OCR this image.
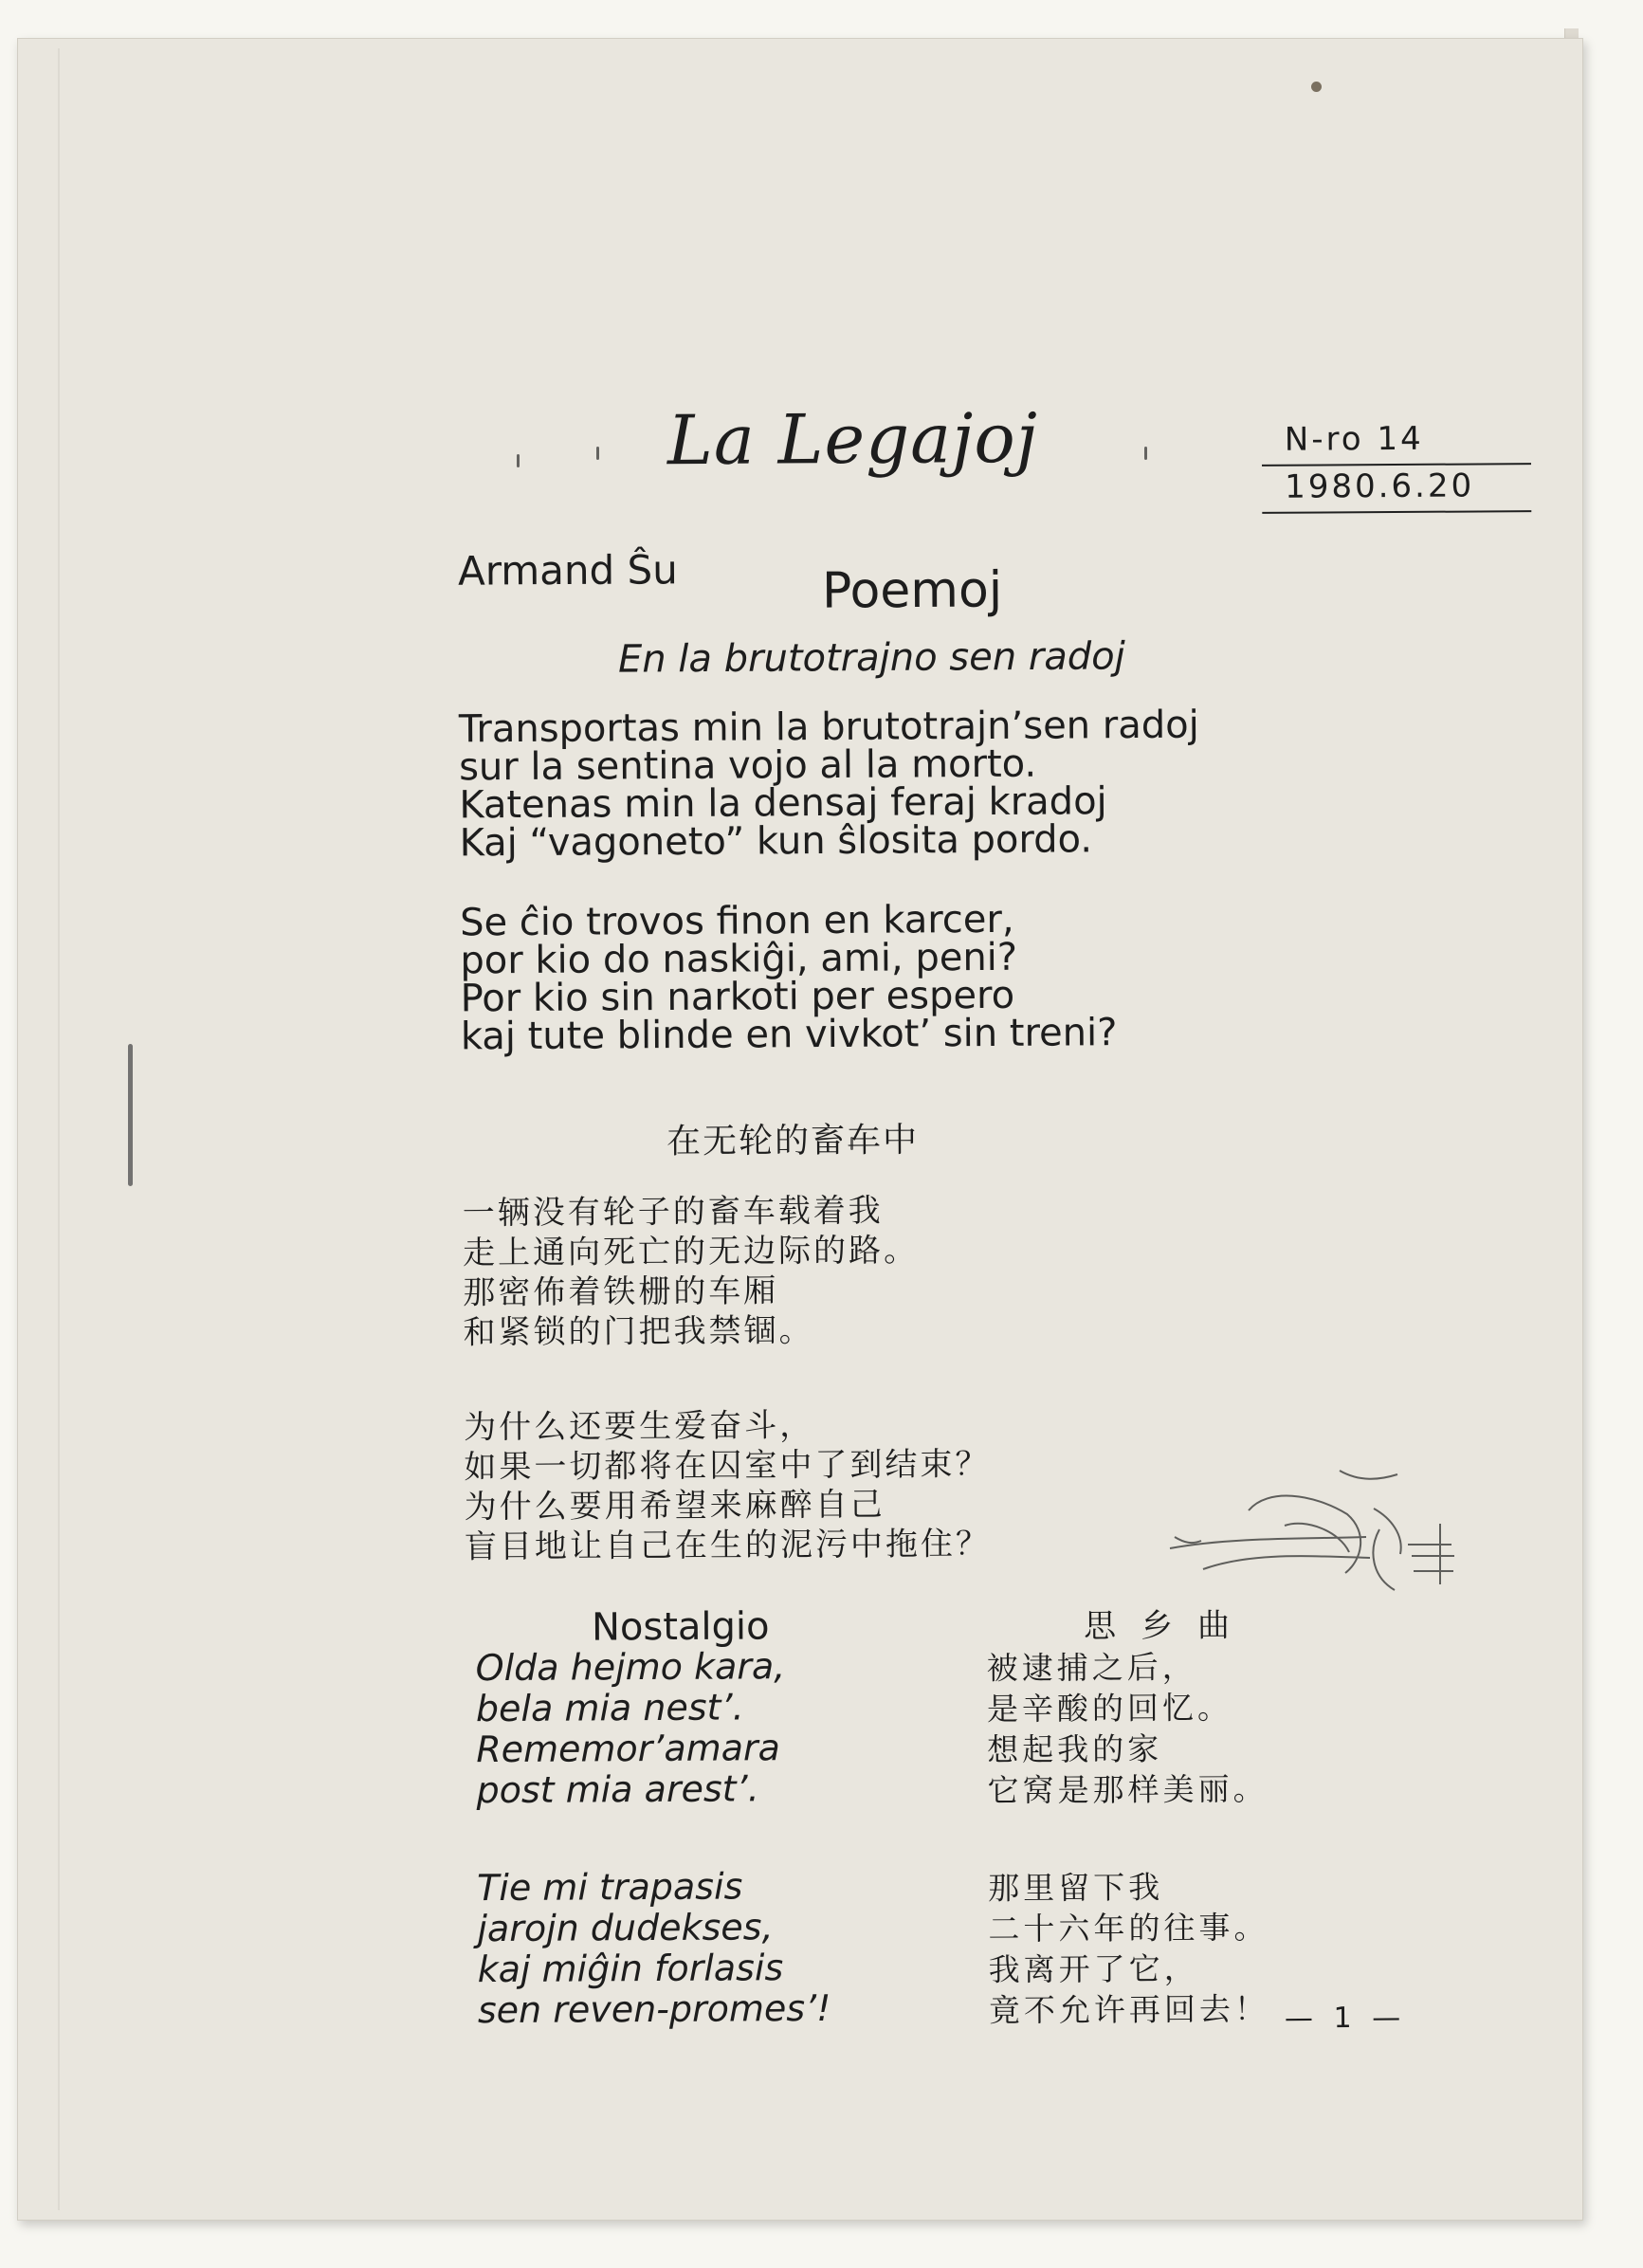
La Legajoj	N-ro 14
1980.6.20
Armand Ŝu	Poemoj
En la brutotrajno sen radoj
Transportas min la brutotrajn’sen radoj
sur la sentina vojo al la morto.
Katenas min la densaj feraj kradoj
Kaj “vagoneto” kun ŝlosita pordo.
Se ĉio trovos finon en karcer,
por kio do naskiĝi, ami, peni?
Por kio sin narkoti per espero
kaj tute blinde en vivkot’ sin treni?
在无轮的畜车中
一辆没有轮子的畜车载着我
走上通向死亡的无边际的路。
那密佈着铁栅的车厢
和紧锁的门把我禁锢。
为什么还要生爱奋斗，
如果一切都将在囚室中了到结束？
为什么要用希望来麻醉自己
盲目地让自己在生的泥污中拖住？
Nostalgio
Olda hejmo kara,
bela mia nest’.
Rememor’amara
post mia arest’.
Tie mi trapasis
jarojn dudekses,
kaj miĝin forlasis
sen reven-promes’!
思乡曲
被逮捕之后，
是辛酸的回忆。
想起我的家
它窝是那样美丽。
那里留下我
二十六年的往事。
我离开了它，
竟不允许再回去！ — 1 —
